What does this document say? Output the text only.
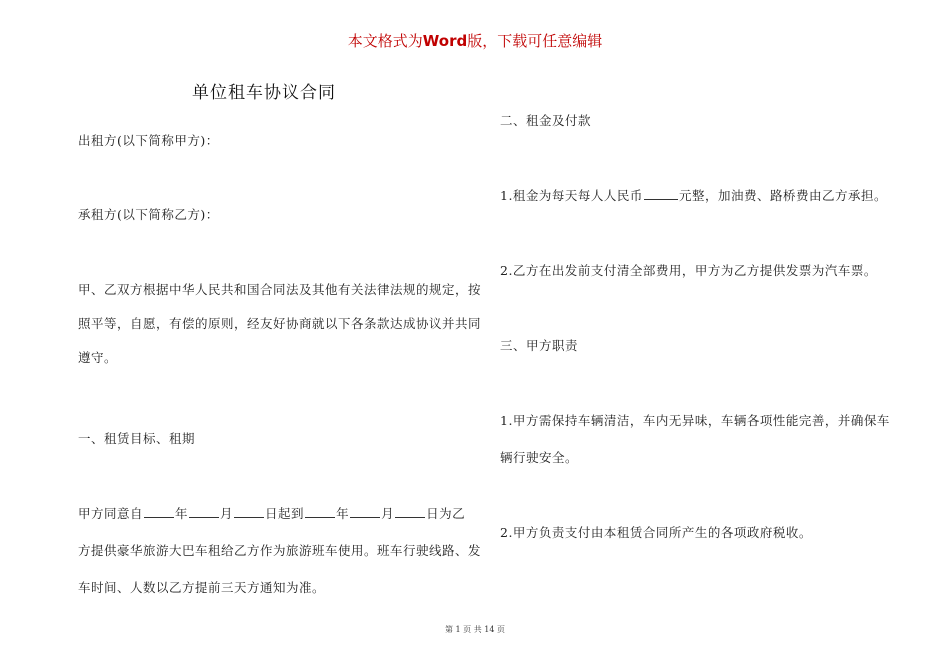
本文格式为Word版，下载可任意编辑
单位租车协议合同

出租方(以下简称甲方)：

承租方(以下简称乙方)：

甲、乙双方根据中华人民共和国合同法及其他有关法律法规的规定，按
照平等，自愿，有偿的原则，经友好协商就以下各条款达成协议并共同
遵守。

一、租赁目标、租期

甲方同意自	年	月	日起到	年	月	日为乙
方提供豪华旅游大巴车租给乙方作为旅游班车使用。班车行驶线路、发
车时间、人数以乙方提前三天方通知为准。

二、租金及付款

1.租金为每天每人人民币	元整，加油费、路桥费由乙方承担。

2.乙方在出发前支付清全部费用，甲方为乙方提供发票为汽车票。

三、甲方职责

1.甲方需保持车辆清洁，车内无异味，车辆各项性能完善，并确保车
辆行驶安全。

2.甲方负责支付由本租赁合同所产生的各项政府税收。

第 1 页 共 14 页
